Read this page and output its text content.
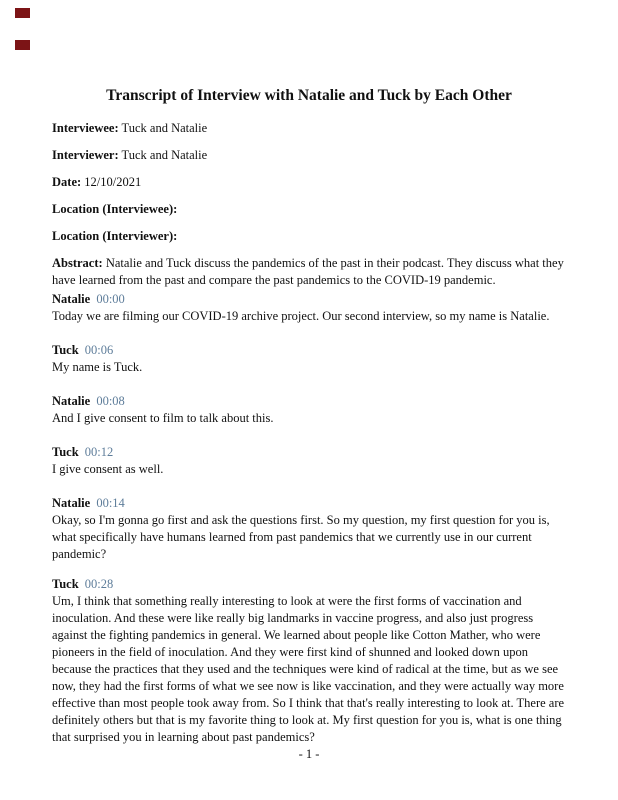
Transcript of Interview with Natalie and Tuck by Each Other

Interviewee: Tuck and Natalie

Interviewer: Tuck and Natalie

Date: 12/10/2021

Location (Interviewee):

Location (Interviewer):

Abstract: Natalie and Tuck discuss the pandemics of the past in their podcast. They discuss what they have learned from the past and compare the past pandemics to the COVID-19 pandemic.

Natalie 00:00

Today we are filming our COVID-19 archive project. Our second interview, so my name is Natalie.

Tuck 00:06

My name is Tuck.

Natalie 00:08

And I give consent to film to talk about this.

Tuck 00:12

I give consent as well.

Natalie 00:14

Okay, so I'm gonna go first and ask the questions first. So my question, my first question for you is, what specifically have humans learned from past pandemics that we currently use in our current pandemic?

Tuck 00:28

Um, I think that something really interesting to look at were the first forms of vaccination and inoculation. And these were like really big landmarks in vaccine progress, and also just progress against the fighting pandemics in general. We learned about people like Cotton Mather, who were pioneers in the field of inoculation. And they were first kind of shunned and looked down upon because the practices that they used and the techniques were kind of radical at the time, but as we see now, they had the first forms of what we see now is like vaccination, and they were actually way more effective than most people took away from. So I think that that's really interesting to look at. There are definitely others but that is my favorite thing to look at. My first question for you is, what is one thing that surprised you in learning about past pandemics?

- 1 -
